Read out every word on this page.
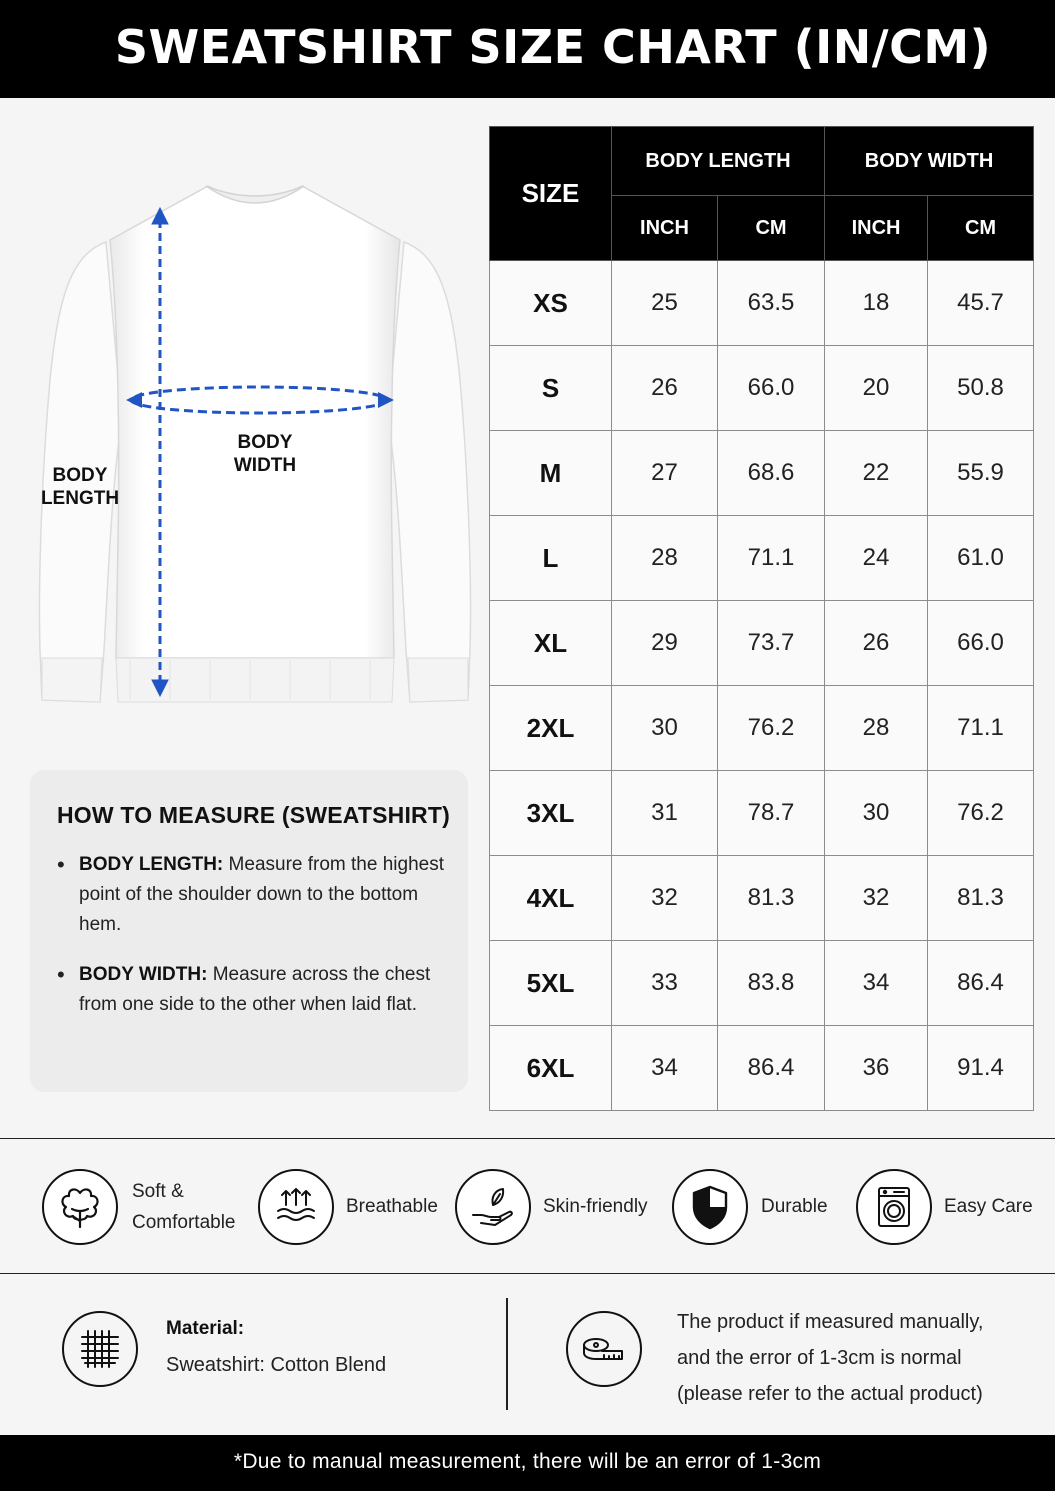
SWEATSHIRT SIZE CHART (IN/CM)
BODY
LENGTH
BODY
WIDTH
HOW TO MEASURE (SWEATSHIRT)
• BODY LENGTH: Measure from the highest point of the shoulder down to the bottom hem.
• BODY WIDTH: Measure across the chest from one side to the other when laid flat.
SIZE	BODY LENGTH		BODY WIDTH	
	INCH	CM	INCH	CM
XS	25	63.5	18	45.7
S	26	66.0	20	50.8
M	27	68.6	22	55.9
L	28	71.1	24	61.0
XL	29	73.7	26	66.0
2XL	30	76.2	28	71.1
3XL	31	78.7	30	76.2
4XL	32	81.3	32	81.3
5XL	33	83.8	34	86.4
6XL	34	86.4	36	91.4
Soft &
Comfortable
Breathable	Skin-friendly	Durable	Easy Care
Material:
Sweatshirt: Cotton Blend
The product if measured manually,
and the error of 1-3cm is normal
(please refer to the actual product)

*Due to manual measurement, there will be an error of 1-3cm
